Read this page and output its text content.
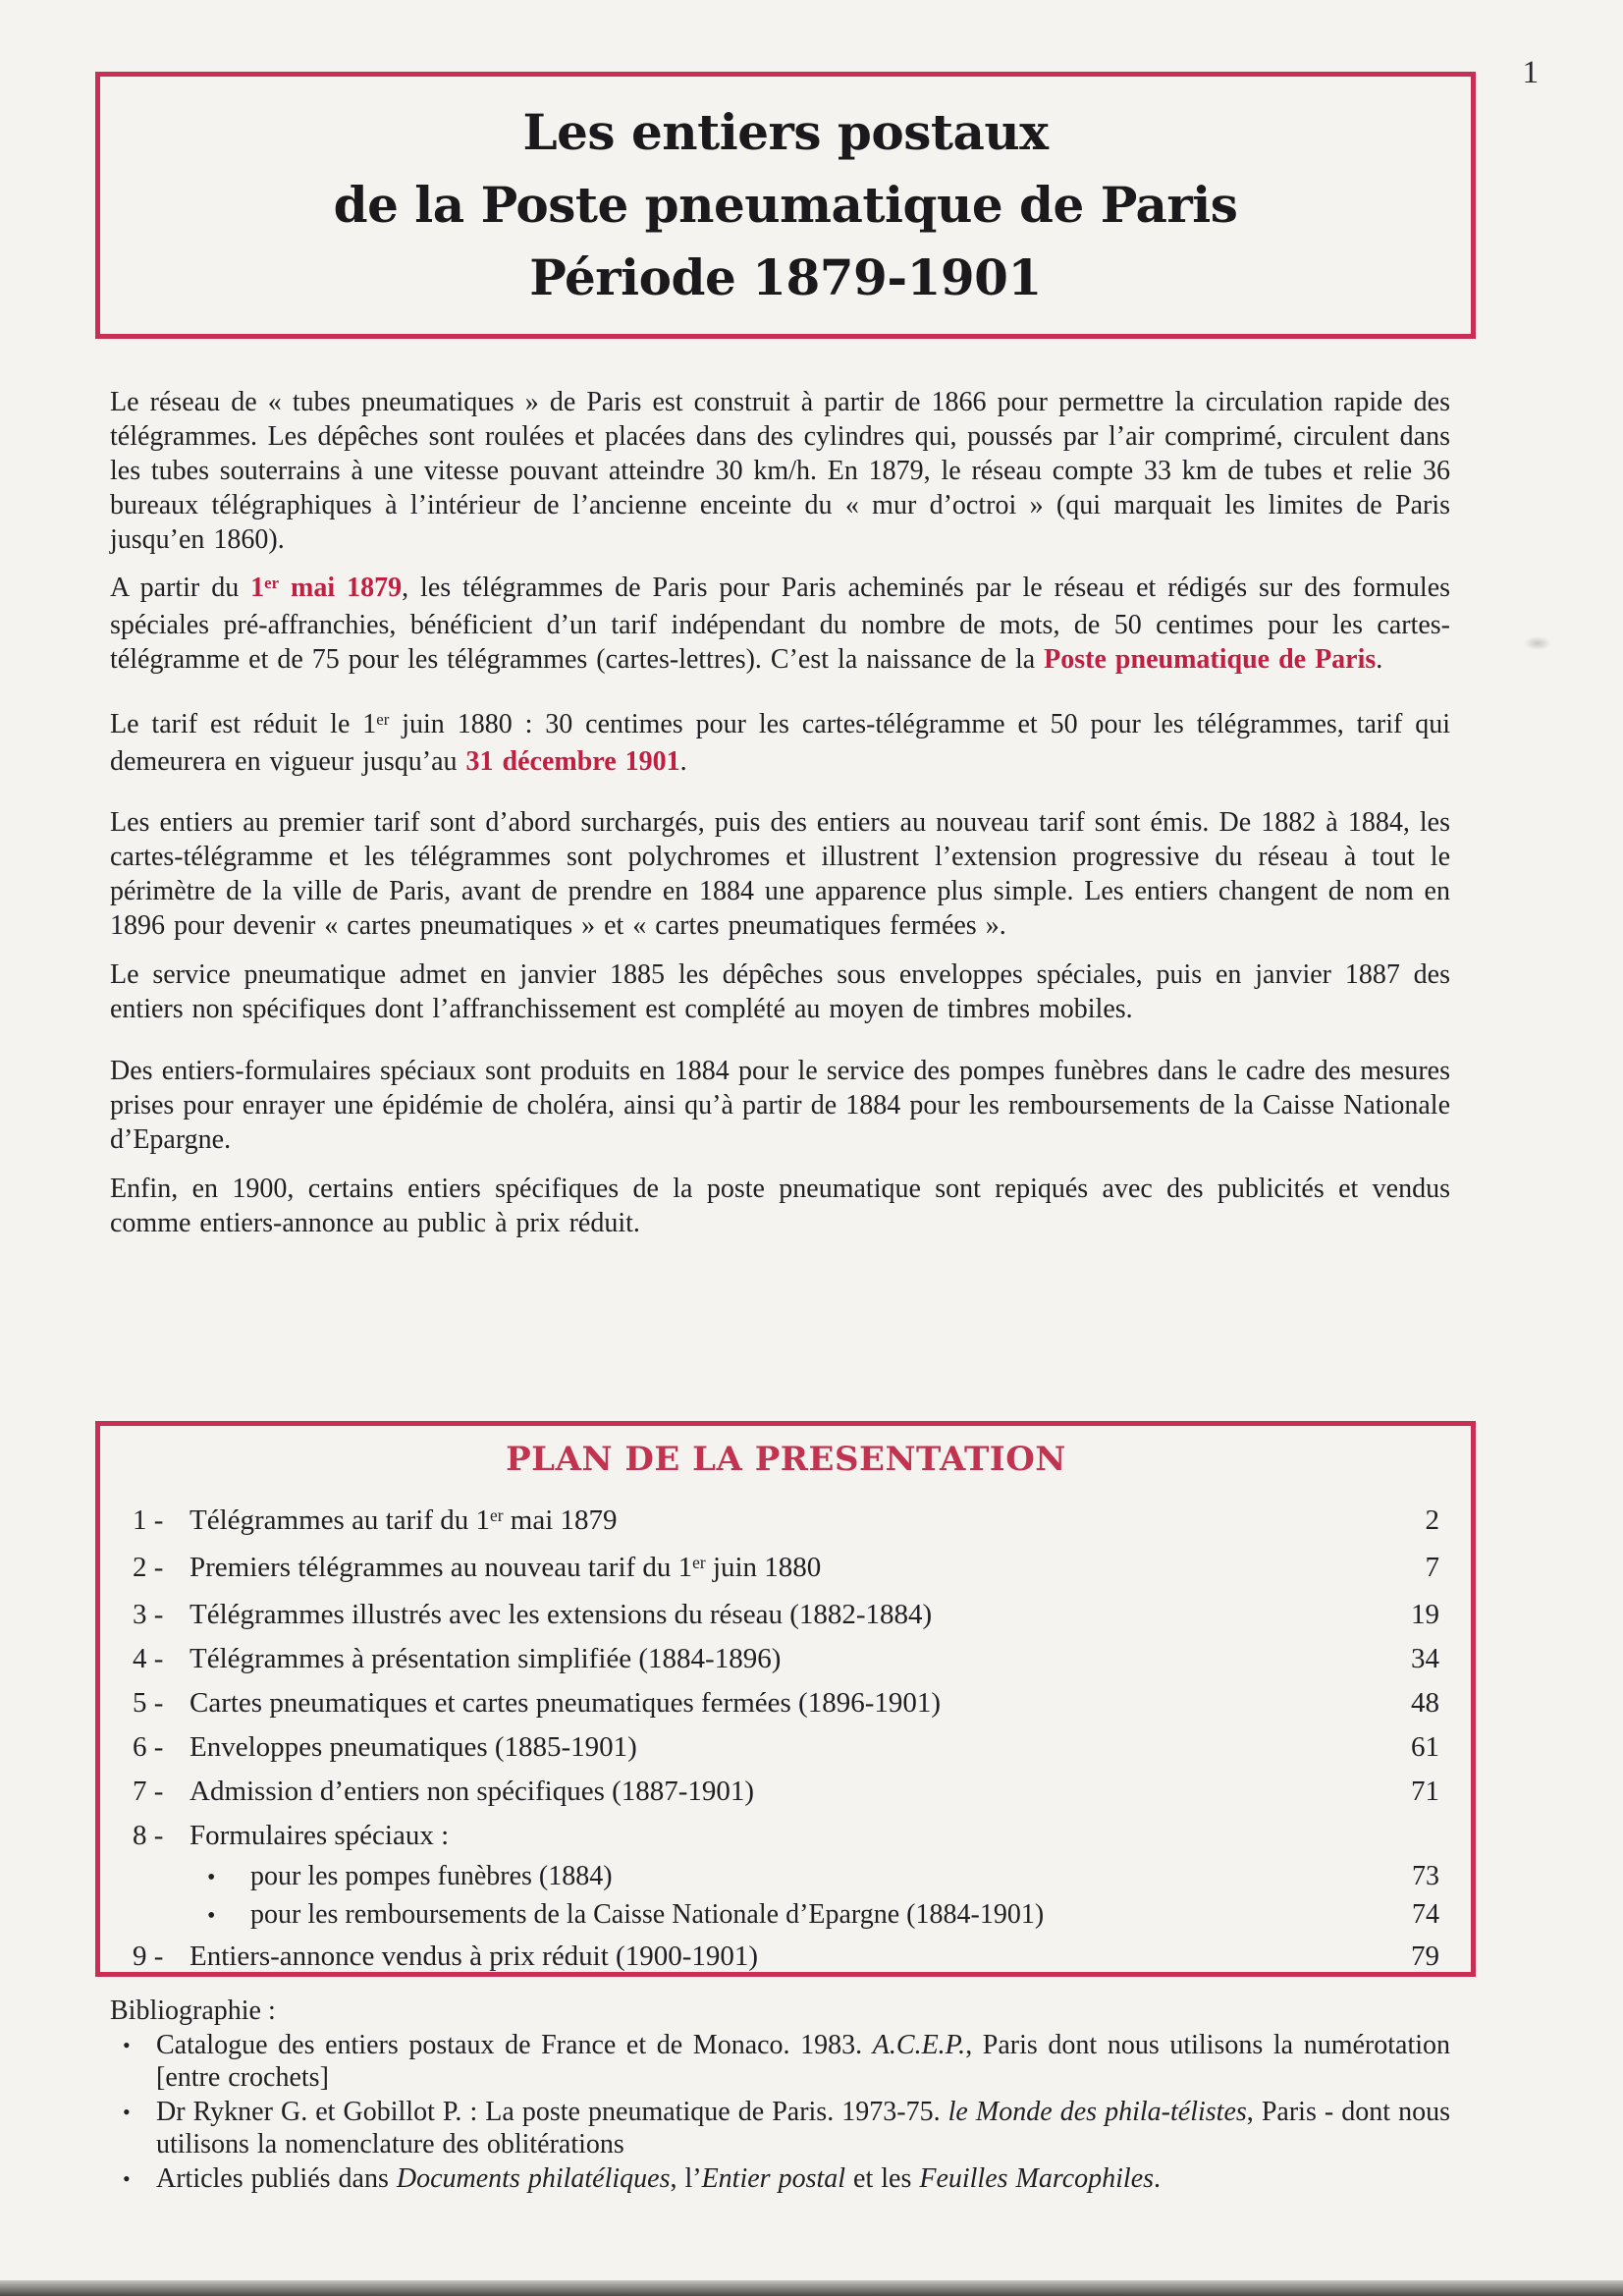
1
Les entiers postaux
de la Poste pneumatique de Paris
Période 1879-1901
Le réseau de « tubes pneumatiques » de Paris est construit à partir de 1866 pour permettre la circulation rapide des télégrammes. Les dépêches sont roulées et placées dans des cylindres qui, poussés par l’air comprimé, circulent dans les tubes souterrains à une vitesse pouvant atteindre 30 km/h. En 1879, le réseau compte 33 km de tubes et relie 36 bureaux télégraphiques à l’intérieur de l’ancienne enceinte du « mur d’octroi » (qui marquait les limites de Paris jusqu’en 1860).
A partir du 1er mai 1879, les télégrammes de Paris pour Paris acheminés par le réseau et rédigés sur des formules spéciales pré-affranchies, bénéficient d’un tarif indépendant du nombre de mots, de 50 centimes pour les cartes-télégramme et de 75 pour les télégrammes (cartes-lettres). C’est la naissance de la Poste pneumatique de Paris.
Le tarif est réduit le 1er juin 1880 : 30 centimes pour les cartes-télégramme et 50 pour les télégrammes, tarif qui demeurera en vigueur jusqu’au 31 décembre 1901.
Les entiers au premier tarif sont d’abord surchargés, puis des entiers au nouveau tarif sont émis. De 1882 à 1884, les cartes-télégramme et les télégrammes sont polychromes et illustrent l’extension progressive du réseau à tout le périmètre de la ville de Paris, avant de prendre en 1884 une apparence plus simple. Les entiers changent de nom en 1896 pour devenir « cartes pneumatiques » et « cartes pneumatiques fermées ».
Le service pneumatique admet en janvier 1885 les dépêches sous enveloppes spéciales, puis en janvier 1887 des entiers non spécifiques dont l’affranchissement est complété au moyen de timbres mobiles.
Des entiers-formulaires spéciaux sont produits en 1884 pour le service des pompes funèbres dans le cadre des mesures prises pour enrayer une épidémie de choléra, ainsi qu’à partir de 1884 pour les remboursements de la Caisse Nationale d’Epargne.
Enfin, en 1900, certains entiers spécifiques de la poste pneumatique sont repiqués avec des publicités et vendus comme entiers-annonce au public à prix réduit.
PLAN DE LA PRESENTATION
1 - Télégrammes au tarif du 1er mai 1879	2
2 - Premiers télégrammes au nouveau tarif du 1er juin 1880	7
3 - Télégrammes illustrés avec les extensions du réseau (1882-1884)	19
4 - Télégrammes à présentation simplifiée (1884-1896)	34
5 - Cartes pneumatiques et cartes pneumatiques fermées (1896-1901)	48
6 - Enveloppes pneumatiques (1885-1901)	61
7 - Admission d’entiers non spécifiques (1887-1901)	71
8 - Formulaires spéciaux :
•	pour les pompes funèbres (1884)	73
•	pour les remboursements de la Caisse Nationale d’Epargne (1884-1901)	74
9 - Entiers-annonce vendus à prix réduit (1900-1901)	79
Bibliographie :
• Catalogue des entiers postaux de France et de Monaco. 1983. A.C.E.P., Paris dont nous utilisons la numérotation [entre crochets]
• Dr Rykner G. et Gobillot P. : La poste pneumatique de Paris. 1973-75. le Monde des phila-télistes, Paris - dont nous utilisons la nomenclature des oblitérations
• Articles publiés dans Documents philatéliques, l’Entier postal et les Feuilles Marcophiles.
